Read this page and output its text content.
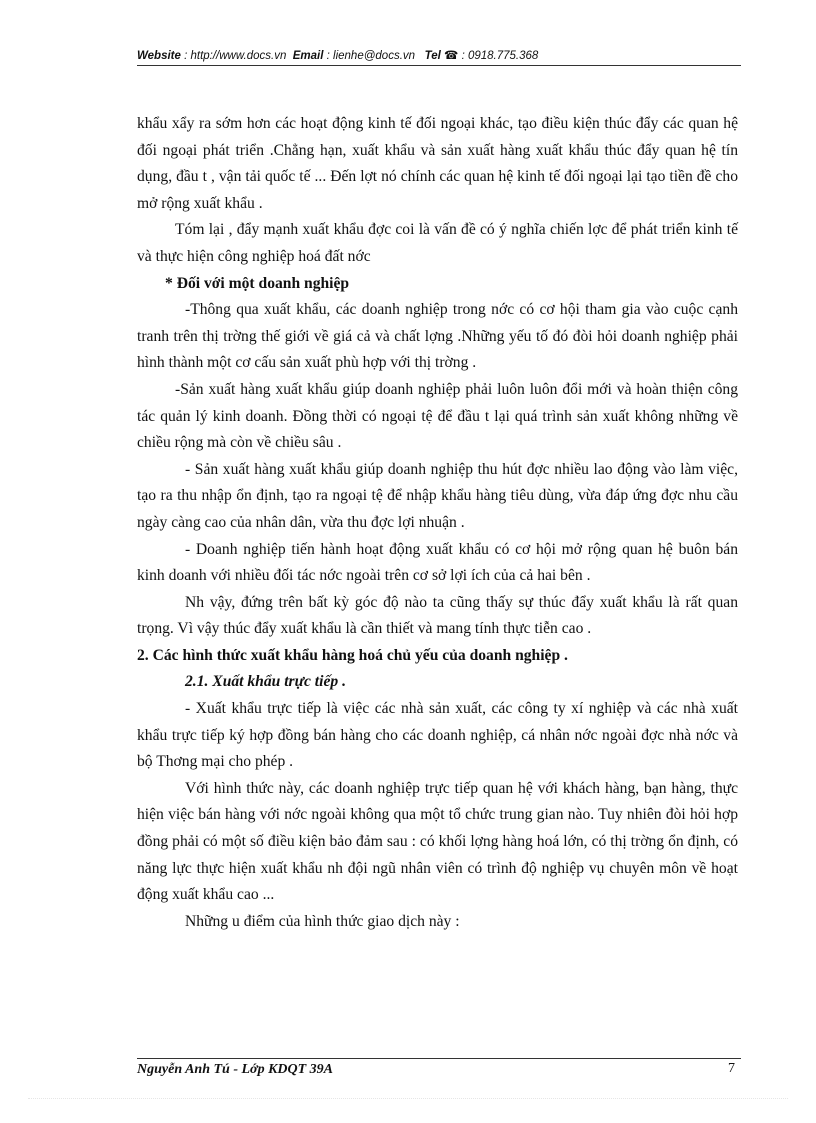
Website : http://www.docs.vn Email : lienhe@docs.vn Tel ☎ : 0918.775.368

khẩu xẩy ra sớm hơn các hoạt động kinh tế đối ngoại khác, tạo điều kiện thúc đẩy các quan hệ đối ngoại phát triển .Chẳng hạn, xuất khẩu và sản xuất hàng xuất khẩu thúc đẩy quan hệ tín dụng, đầu t , vận tải quốc tế ... Đến lợt nó chính các quan hệ kinh tế đối ngoại lại tạo tiền đề cho mở rộng xuất khẩu .

Tóm lại , đẩy mạnh xuất khẩu đợc coi là vấn đề có ý nghĩa chiến lợc để phát triển kinh tế và thực hiện công nghiệp hoá đất nớc

* Đối với một doanh nghiệp

-Thông qua xuất khẩu, các doanh nghiệp trong nớc có cơ hội tham gia vào cuộc cạnh tranh trên thị trờng thế giới về giá cả và chất lợng .Những yếu tố đó đòi hỏi doanh nghiệp phải hình thành một cơ cấu sản xuất phù hợp với thị trờng .

-Sản xuất hàng xuất khẩu giúp doanh nghiệp phải luôn luôn đổi mới và hoàn thiện công tác quản lý kinh doanh. Đồng thời có ngoại tệ để đầu t lại quá trình sản xuất không những về chiều rộng mà còn về chiều sâu .

- Sản xuất hàng xuất khẩu giúp doanh nghiệp thu hút đợc nhiều lao động vào làm việc, tạo ra thu nhập ổn định, tạo ra ngoại tệ để nhập khẩu hàng tiêu dùng, vừa đáp ứng đợc nhu cầu ngày càng cao của nhân dân, vừa thu đợc lợi nhuận .

- Doanh nghiệp tiến hành hoạt động xuất khẩu có cơ hội mở rộng quan hệ buôn bán kinh doanh với nhiều đối tác nớc ngoài trên cơ sở lợi ích của cả hai bên .

Nh vậy, đứng trên bất kỳ góc độ nào ta cũng thấy sự thúc đẩy xuất khẩu là rất quan trọng. Vì vậy thúc đẩy xuất khẩu là cần thiết và mang tính thực tiễn cao .

2. Các hình thức xuất khẩu hàng hoá chủ yếu của doanh nghiệp .

2.1. Xuất khẩu trực tiếp .

- Xuất khẩu trực tiếp là việc các nhà sản xuất, các công ty xí nghiệp và các nhà xuất khẩu trực tiếp ký hợp đồng bán hàng cho các doanh nghiệp, cá nhân nớc ngoài đợc nhà nớc và bộ Thơng mại cho phép .

Với hình thức này, các doanh nghiệp trực tiếp quan hệ với khách hàng, bạn hàng, thực hiện việc bán hàng với nớc ngoài không qua một tổ chức trung gian nào. Tuy nhiên đòi hỏi hợp đồng phải có một số điều kiện bảo đảm sau : có khối lợng hàng hoá lớn, có thị trờng ổn định, có năng lực thực hiện xuất khẩu nh đội ngũ nhân viên có trình độ nghiệp vụ chuyên môn về hoạt động xuất khẩu cao ...

Những u điểm của hình thức giao dịch này :

Nguyễn Anh Tú - Lớp KDQT 39A	7
